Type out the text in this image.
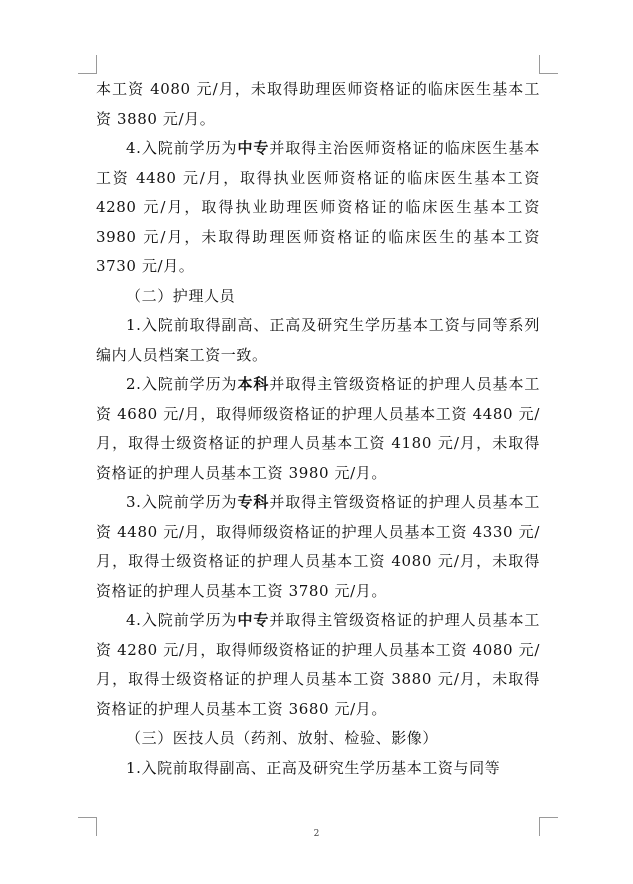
本工资 4080 元/月，未取得助理医师资格证的临床医生基本工资 3880 元/月。

4.入院前学历为中专并取得主治医师资格证的临床医生基本工资 4480 元/月，取得执业医师资格证的临床医生基本工资 4280 元/月，取得执业助理医师资格证的临床医生基本工资 3980 元/月，未取得助理医师资格证的临床医生的基本工资 3730 元/月。

（二）护理人员

1.入院前取得副高、正高及研究生学历基本工资与同等系列编内人员档案工资一致。

2.入院前学历为本科并取得主管级资格证的护理人员基本工资 4680 元/月，取得师级资格证的护理人员基本工资 4480 元/月，取得士级资格证的护理人员基本工资 4180 元/月，未取得资格证的护理人员基本工资 3980 元/月。

3.入院前学历为专科并取得主管级资格证的护理人员基本工资 4480 元/月，取得师级资格证的护理人员基本工资 4330 元/月，取得士级资格证的护理人员基本工资 4080 元/月，未取得资格证的护理人员基本工资 3780 元/月。

4.入院前学历为中专并取得主管级资格证的护理人员基本工资 4280 元/月，取得师级资格证的护理人员基本工资 4080 元/月，取得士级资格证的护理人员基本工资 3880 元/月，未取得资格证的护理人员基本工资 3680 元/月。

（三）医技人员（药剂、放射、检验、影像）

1.入院前取得副高、正高及研究生学历基本工资与同等

2
